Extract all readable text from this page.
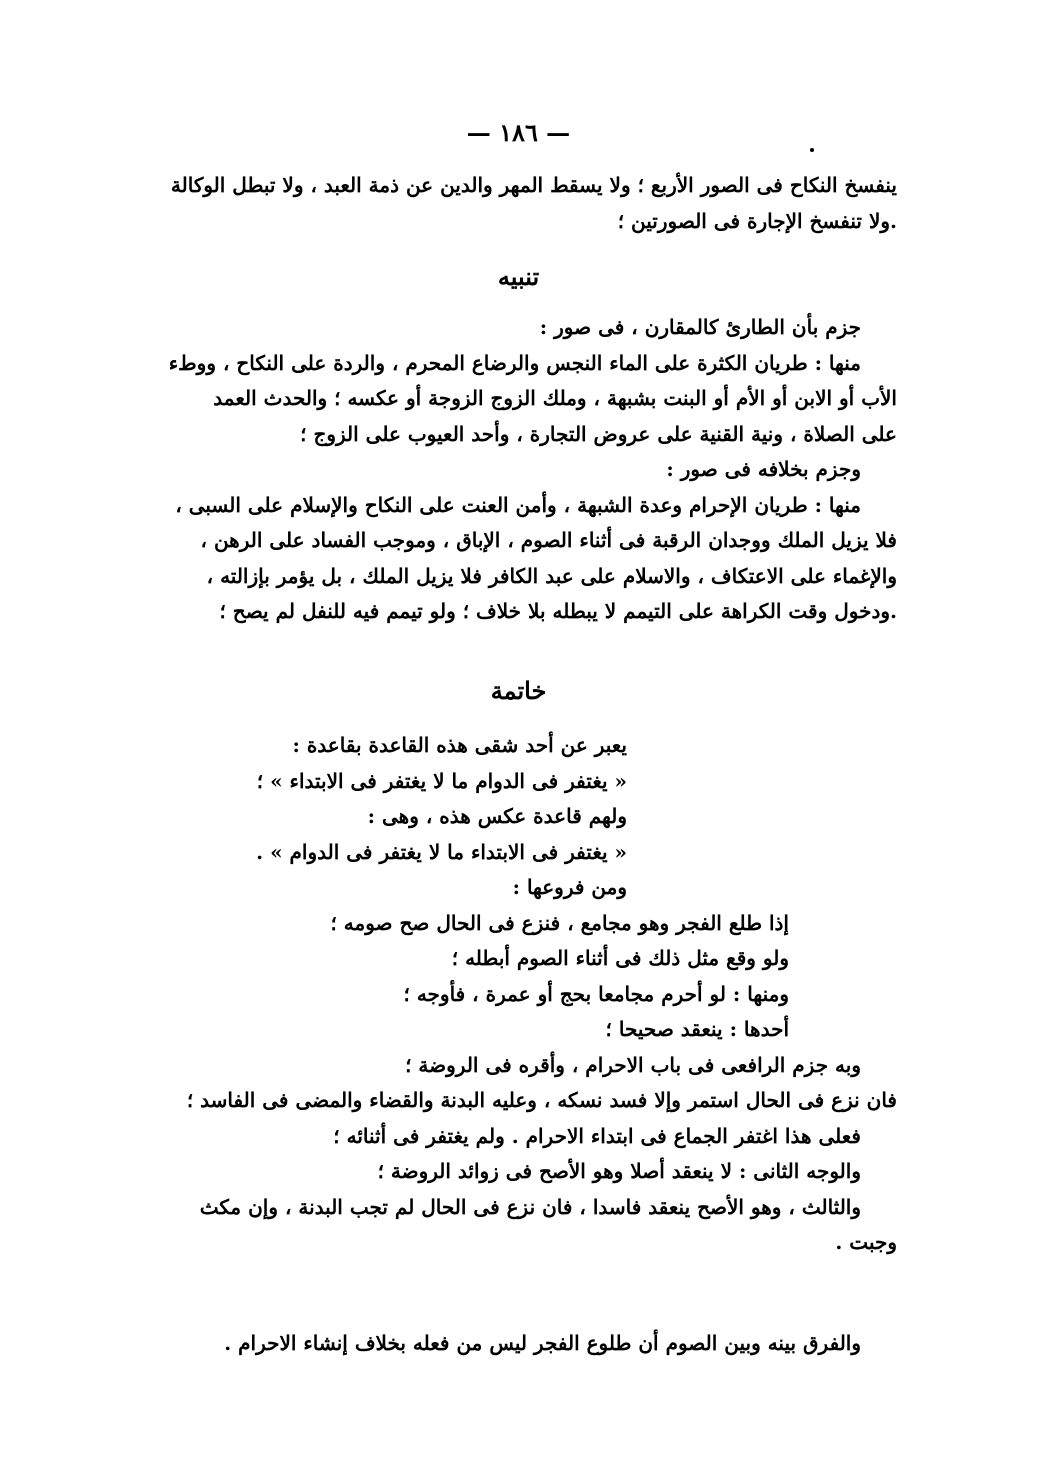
— ١٨٦ —
ينفسخ النكاح فى الصور الأربع ؛ ولا يسقط المهر والدين عن ذمة العبد ، ولا تبطل الوكالة
.ولا تنفسخ الإجارة فى الصورتين ؛
تنبيه
جزم بأن الطارئ كالمقارن ، فى صور :
منها : طريان الكثرة على الماء النجس والرضاع المحرم ، والردة على النكاح ، ووطء
الأب أو الابن أو الأم أو البنت بشبهة ، وملك الزوج الزوجة أو عكسه ؛ والحدث العمد
على الصلاة ، ونية القنية على عروض التجارة ، وأحد العيوب على الزوج ؛
وجزم بخلافه فى صور :
منها : طريان الإحرام وعدة الشبهة ، وأمن العنت على النكاح والإسلام على السبى ،
فلا يزيل الملك ووجدان الرقبة فى أثناء الصوم ، الإباق ، وموجب الفساد على الرهن ،
والإغماء على الاعتكاف ، والاسلام على عبد الكافر فلا يزيل الملك ، بل يؤمر بإزالته ،
.ودخول وقت الكراهة على التيمم لا يبطله بلا خلاف ؛ ولو تيمم فيه للنفل لم يصح ؛
خاتمة
يعبر عن أحد شقى هذه القاعدة بقاعدة :
« يغتفر فى الدوام ما لا يغتفر فى الابتداء » ؛
ولهم قاعدة عكس هذه ، وهى :
« يغتفر فى الابتداء ما لا يغتفر فى الدوام » .
ومن فروعها :
إذا طلع الفجر وهو مجامع ، فنزع فى الحال صح صومه ؛
ولو وقع مثل ذلك فى أثناء الصوم أبطله ؛
ومنها : لو أحرم مجامعا بحج أو عمرة ، فأوجه ؛
أحدها : ينعقد صحيحا ؛
وبه جزم الرافعى فى باب الاحرام ، وأقره فى الروضة ؛
فان نزع فى الحال استمر وإلا فسد نسكه ، وعليه البدنة والقضاء والمضى فى الفاسد ؛
فعلى هذا اغتفر الجماع فى ابتداء الاحرام . ولم يغتفر فى أثنائه ؛
والوجه الثانى : لا ينعقد أصلا وهو الأصح فى زوائد الروضة ؛
والثالث ، وهو الأصح ينعقد فاسدا ، فان نزع فى الحال لم تجب البدنة ، وإن مكث
وجبت .
والفرق بينه وبين الصوم أن طلوع الفجر ليس من فعله بخلاف إنشاء الاحرام .
